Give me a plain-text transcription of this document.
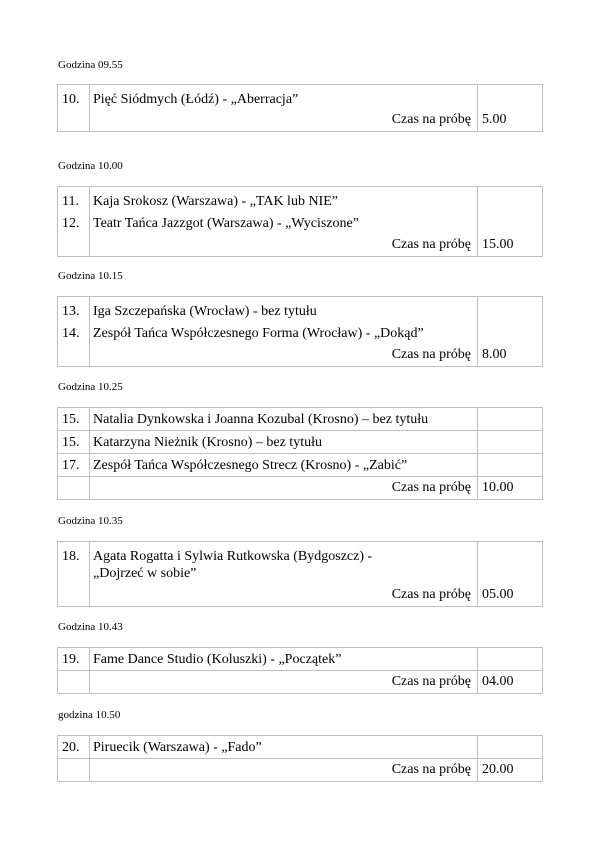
Godzina 09.55
10.	Pięć Siódmych (Łódź) - „Aberracja”	
	Czas na próbę	5.00
Godzina 10.00
11.	Kaja Srokosz (Warszawa) - „TAK lub NIE”	
12.	Teatr Tańca Jazzgot (Warszawa) - „Wyciszone”	
	Czas na próbę	15.00
Godzina 10.15
13.	Iga Szczepańska (Wrocław) - bez tytułu	
14.	Zespół Tańca Współczesnego Forma (Wrocław) - „Dokąd”	
	Czas na próbę	8.00
Godzina 10.25
15.	Natalia Dynkowska i Joanna Kozubal (Krosno) – bez tytułu	
15.	Katarzyna Nieżnik (Krosno) – bez tytułu	
17.	Zespół Tańca Współczesnego Strecz (Krosno) - „Zabić”	
	Czas na próbę	10.00
Godzina 10.35
18.	Agata Rogatta i Sylwia Rutkowska (Bydgoszcz) - „Dojrzeć w sobie”		
	Czas na próbę		05.00
Godzina 10.43
19.	Fame Dance Studio (Koluszki) - „Początek”	
	Czas na próbę	04.00
godzina 10.50
20.	Piruecik (Warszawa) - „Fado”	
	Czas na próbę	20.00
